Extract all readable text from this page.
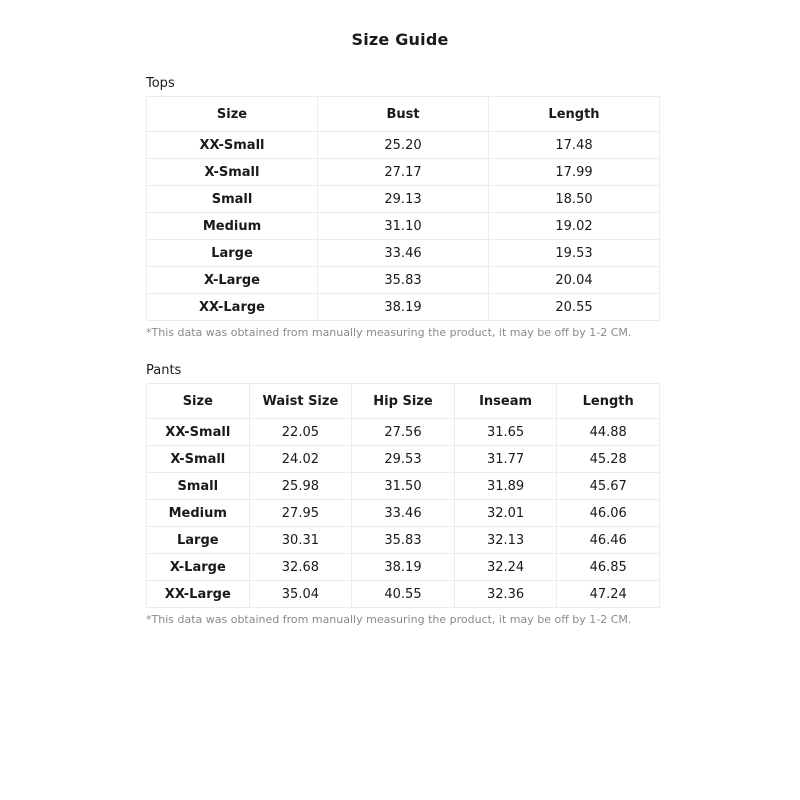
Size Guide
Tops
Size	Bust	Length
XX-Small	25.20	17.48
X-Small	27.17	17.99
Small	29.13	18.50
Medium	31.10	19.02
Large	33.46	19.53
X-Large	35.83	20.04
XX-Large	38.19	20.55
*This data was obtained from manually measuring the product, it may be off by 1-2 CM.
Pants
Size	Waist Size	Hip Size	Inseam	Length
XX-Small	22.05	27.56	31.65	44.88
X-Small	24.02	29.53	31.77	45.28
Small	25.98	31.50	31.89	45.67
Medium	27.95	33.46	32.01	46.06
Large	30.31	35.83	32.13	46.46
X-Large	32.68	38.19	32.24	46.85
XX-Large	35.04	40.55	32.36	47.24
*This data was obtained from manually measuring the product, it may be off by 1-2 CM.
